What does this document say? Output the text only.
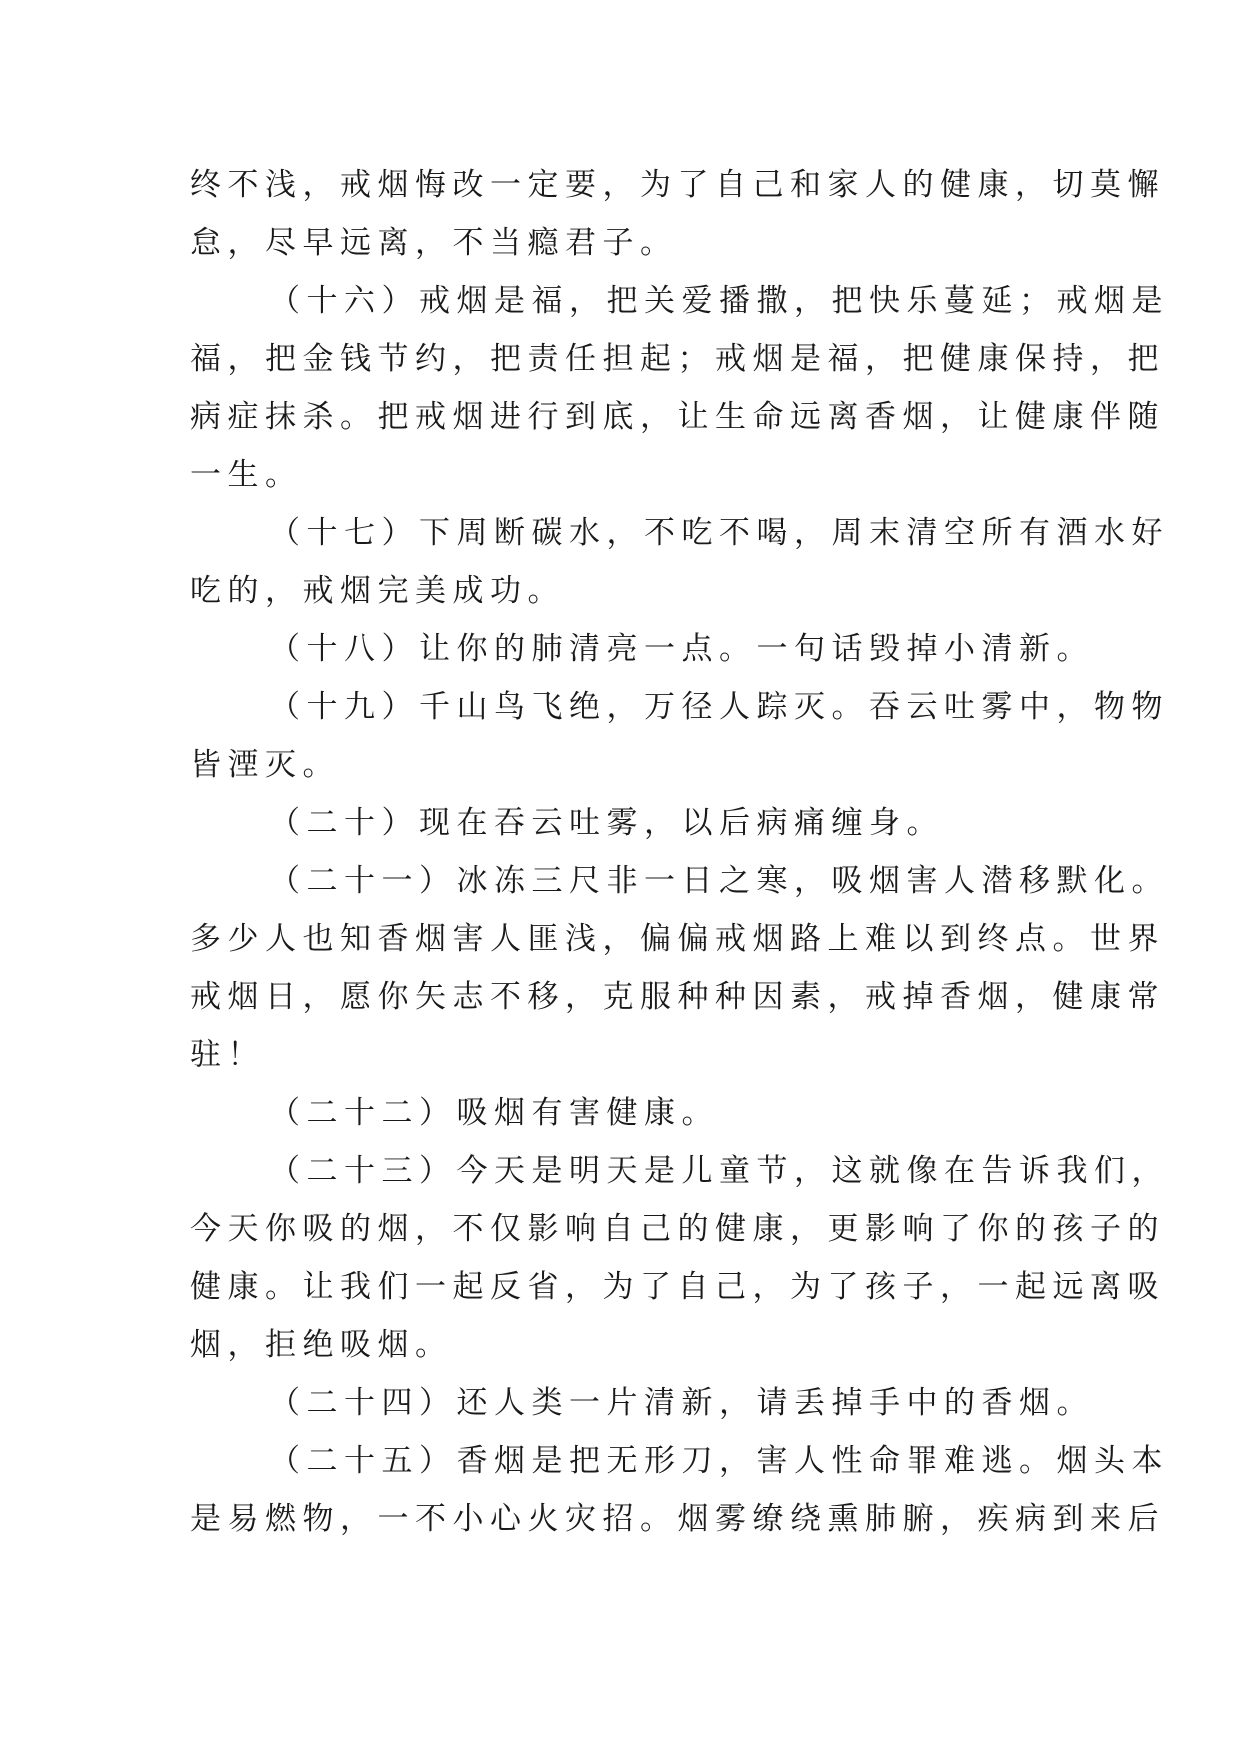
终不浅，戒烟悔改一定要，为了自己和家人的健康，切莫懈
怠，尽早远离，不当瘾君子。
（十六）戒烟是福，把关爱播撒，把快乐蔓延；戒烟是
福，把金钱节约，把责任担起；戒烟是福，把健康保持，把
病症抹杀。把戒烟进行到底，让生命远离香烟，让健康伴随
一生。
（十七）下周断碳水，不吃不喝，周末清空所有酒水好
吃的，戒烟完美成功。
（十八）让你的肺清亮一点。一句话毁掉小清新。
（十九）千山鸟飞绝，万径人踪灭。吞云吐雾中，物物
皆湮灭。
（二十）现在吞云吐雾，以后病痛缠身。
（二十一）冰冻三尺非一日之寒，吸烟害人潜移默化。
多少人也知香烟害人匪浅，偏偏戒烟路上难以到终点。世界
戒烟日，愿你矢志不移，克服种种因素，戒掉香烟，健康常
驻！
（二十二）吸烟有害健康。
（二十三）今天是明天是儿童节，这就像在告诉我们，
今天你吸的烟，不仅影响自己的健康，更影响了你的孩子的
健康。让我们一起反省，为了自己，为了孩子，一起远离吸
烟，拒绝吸烟。
（二十四）还人类一片清新，请丢掉手中的香烟。
（二十五）香烟是把无形刀，害人性命罪难逃。烟头本
是易燃物，一不小心火灾招。烟雾缭绕熏肺腑，疾病到来后
